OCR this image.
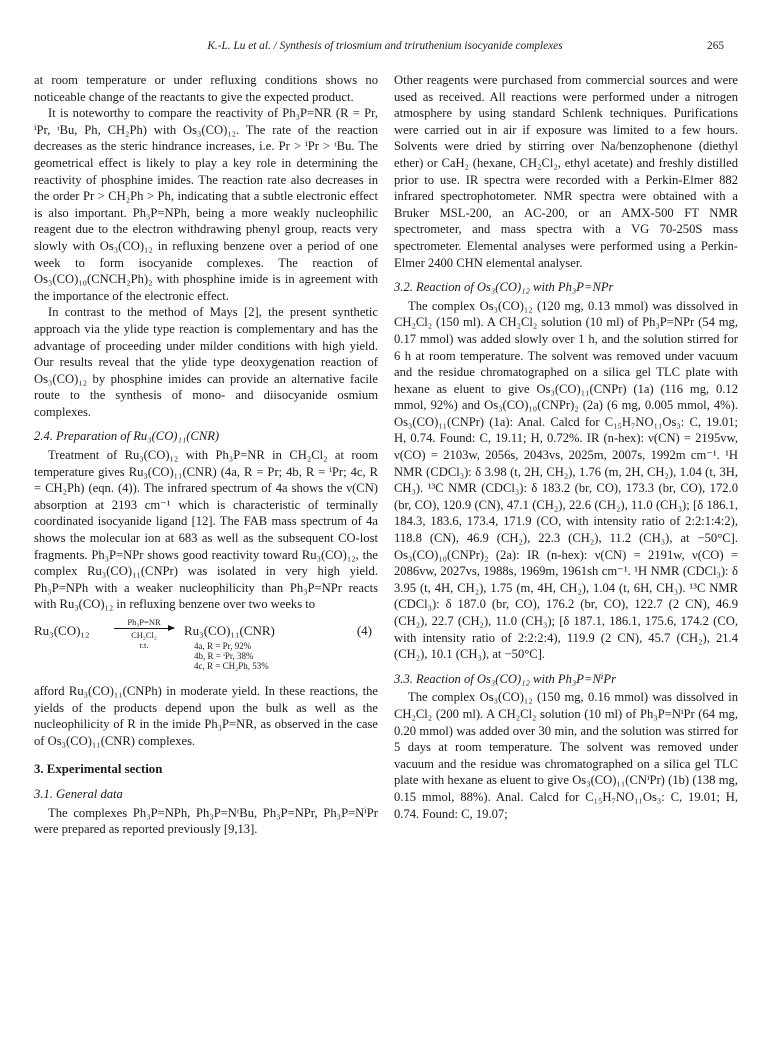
K.-L. Lu et al. / Synthesis of triosmium and triruthenium isocyanide complexes	265

at room temperature or under refluxing conditions shows no noticeable change of the reactants to give the expected product.

It is noteworthy to compare the reactivity of Ph₃P=NR (R = Pr, ⁱPr, ᵗBu, Ph, CH₂Ph) with Os₃(CO)₁₂. The rate of the reaction decreases as the steric hindrance increases, i.e. Pr > ⁱPr > ᵗBu. The geometrical effect is likely to play a key role in determining the reactivity of phosphine imides. The reaction rate also decreases in the order Pr > CH₂Ph > Ph, indicating that a subtle electronic effect is also important. Ph₃P=NPh, being a more weakly nucleophilic reagent due to the electron withdrawing phenyl group, reacts very slowly with Os₃(CO)₁₂ in refluxing benzene over a period of one week to form isocyanide complexes. The reaction of Os₃(CO)₁₀(CNCH₂Ph)₂ with phosphine imide is in agreement with the importance of the electronic effect.

In contrast to the method of Mays [2], the present synthetic approach via the ylide type reaction is complementary and has the advantage of proceeding under milder conditions with high yield. Our results reveal that the ylide type deoxygenation reaction of Os₃(CO)₁₂ by phosphine imides can provide an alternative facile route to the synthesis of mono- and diisocyanide osmium complexes.

2.4. Preparation of Ru₃(CO)₁₁(CNR)

Treatment of Ru₃(CO)₁₂ with Ph₃P=NR in CH₂Cl₂ at room temperature gives Ru₃(CO)₁₁(CNR) (4a, R = Pr; 4b, R = ⁱPr; 4c, R = CH₂Ph) (eqn. (4)). The infrared spectrum of 4a shows the ν(CN) absorption at 2193 cm⁻¹ which is characteristic of terminally coordinated isocyanide ligand [12]. The FAB mass spectrum of 4a shows the molecular ion at 683 as well as the subsequent CO-lost fragments. Ph₃P=NPr shows good reactivity toward Ru₃(CO)₁₂, the complex Ru₃(CO)₁₁(CNPr) was isolated in very high yield. Ph₃P=NPh with a weaker nucleophilicity than Ph₃P=NPr reacts with Ru₃(CO)₁₂ in refluxing benzene over two weeks to

Ru₃(CO)₁₂
Ph₃P=NR
CH₂Cl₂
r.t.
Ru₃(CO)₁₁(CNR)	(4)
4a, R = Pr, 92%
4b, R = ⁱPr, 38%
4c, R = CH₂Ph, 53%

afford Ru₃(CO)₁₁(CNPh) in moderate yield. In these reactions, the yields of the products depend upon the bulk as well as the nucleophilicity of R in the imide Ph₃P=NR, as observed in the case of Os₃(CO)₁₁(CNR) complexes.

3. Experimental section
3.1. General data

The complexes Ph₃P=NPh, Ph₃P=NᵗBu, Ph₃P=NPr, Ph₃P=NⁱPr were prepared as reported previously [9,13].

Other reagents were purchased from commercial sources and were used as received. All reactions were performed under a nitrogen atmosphere by using standard Schlenk techniques. Purifications were carried out in air if exposure was limited to a few hours. Solvents were dried by stirring over Na/benzophenone (diethyl ether) or CaH₂ (hexane, CH₂Cl₂, ethyl acetate) and freshly distilled prior to use. IR spectra were recorded with a Perkin-Elmer 882 infrared spectrophotometer. NMR spectra were obtained with a Bruker MSL-200, an AC-200, or an AMX-500 FT NMR spectrometer, and mass spectra with a VG 70-250S mass spectrometer. Elemental analyses were performed using a Perkin-Elmer 2400 CHN elemental analyser.

3.2. Reaction of Os₃(CO)₁₂ with Ph₃P=NPr

The complex Os₃(CO)₁₂ (120 mg, 0.13 mmol) was dissolved in CH₂Cl₂ (150 ml). A CH₂Cl₂ solution (10 ml) of Ph₃P=NPr (54 mg, 0.17 mmol) was added slowly over 1 h, and the solution stirred for 6 h at room temperature. The solvent was removed under vacuum and the residue chromatographed on a silica gel TLC plate with hexane as eluent to give Os₃(CO)₁₁(CNPr) (1a) (116 mg, 0.12 mmol, 92%) and Os₃(CO)₁₀(CNPr)₂ (2a) (6 mg, 0.005 mmol, 4%). Os₃(CO)₁₁(CNPr) (1a): Anal. Calcd for C₁₅H₇NO₁₁Os₃: C, 19.01; H, 0.74. Found: C, 19.11; H, 0.72%. IR (n-hex): ν(CN) = 2195vw, ν(CO) = 2103w, 2056s, 2043vs, 2025m, 2007s, 1992m cm⁻¹. ¹H NMR (CDCl₃): δ 3.98 (t, 2H, CH₂), 1.76 (m, 2H, CH₂), 1.04 (t, 3H, CH₃). ¹³C NMR (CDCl₃): δ 183.2 (br, CO), 173.3 (br, CO), 172.0 (br, CO), 120.9 (CN), 47.1 (CH₂), 22.6 (CH₂), 11.0 (CH₃); [δ 186.1, 184.3, 183.6, 173.4, 171.9 (CO, with intensity ratio of 2:2:1:4:2), 118.8 (CN), 46.9 (CH₂), 22.3 (CH₂), 11.2 (CH₃), at −50°C]. Os₃(CO)₁₀(CNPr)₂ (2a): IR (n-hex): ν(CN) = 2191w, ν(CO) = 2086vw, 2027vs, 1988s, 1969m, 1961sh cm⁻¹. ¹H NMR (CDCl₃): δ 3.95 (t, 4H, CH₂), 1.75 (m, 4H, CH₂), 1.04 (t, 6H, CH₃). ¹³C NMR (CDCl₃): δ 187.0 (br, CO), 176.2 (br, CO), 122.7 (2 CN), 46.9 (CH₂), 22.7 (CH₂), 11.0 (CH₃); [δ 187.1, 186.1, 175.6, 174.2 (CO, with intensity ratio of 2:2:2:4), 119.9 (2 CN), 45.7 (CH₂), 21.4 (CH₂), 10.1 (CH₃), at −50°C].

3.3. Reaction of Os₃(CO)₁₂ with Ph₃P=NⁱPr

The complex Os₃(CO)₁₂ (150 mg, 0.16 mmol) was dissolved in CH₂Cl₂ (200 ml). A CH₂Cl₂ solution (10 ml) of Ph₃P=NⁱPr (64 mg, 0.20 mmol) was added over 30 min, and the solution was stirred for 5 days at room temperature. The solvent was removed under vacuum and the residue was chromatographed on a silica gel TLC plate with hexane as eluent to give Os₃(CO)₁₁(CNⁱPr) (1b) (138 mg, 0.15 mmol, 88%). Anal. Calcd for C₁₅H₇NO₁₁Os₃: C, 19.01; H, 0.74. Found: C, 19.07;
